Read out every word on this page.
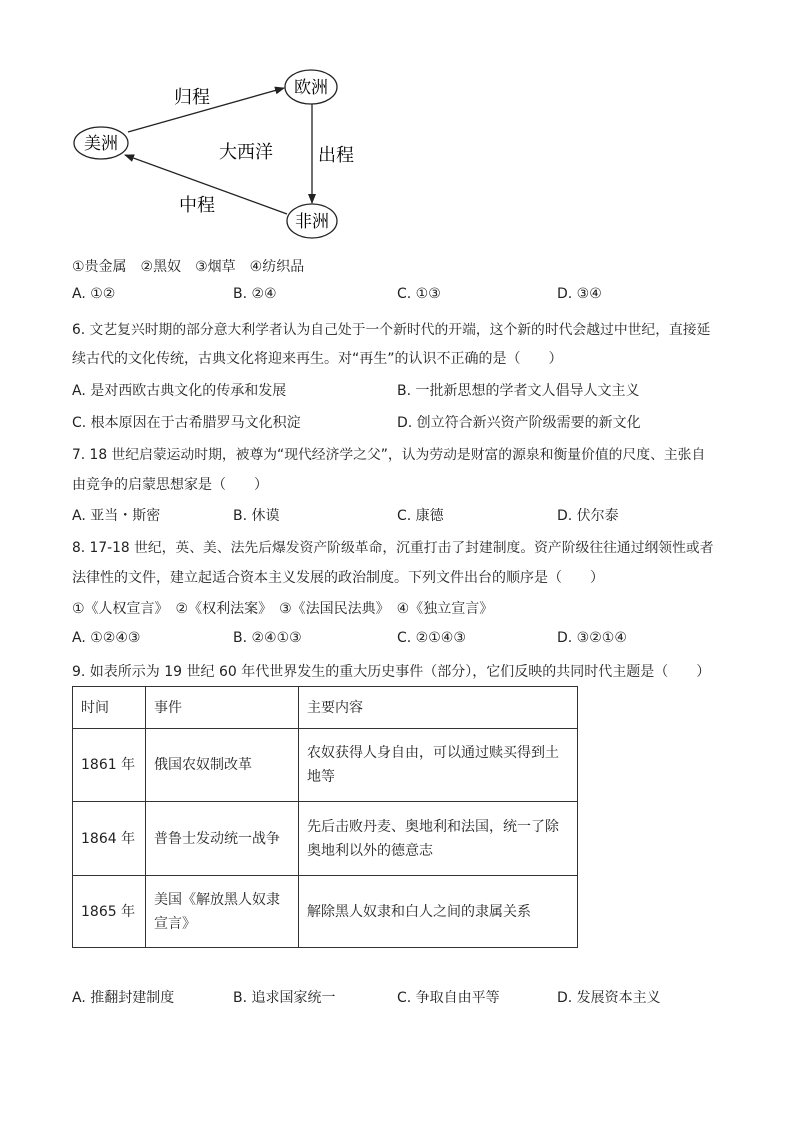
美洲
欧洲
非洲
归程
出程
中程
大西洋
①贵金属　②黑奴　③烟草　④纺织品
A. ①②	B. ②④	C. ①③	D. ③④
6. 文艺复兴时期的部分意大利学者认为自己处于一个新时代的开端，这个新的时代会越过中世纪，直接延
续古代的文化传统，古典文化将迎来再生。对“再生”的认识不正确的是（　　）
A. 是对西欧古典文化的传承和发展	B. 一批新思想的学者文人倡导人文主义
C. 根本原因在于古希腊罗马文化积淀	D. 创立符合新兴资产阶级需要的新文化
7. 18 世纪启蒙运动时期，被尊为“现代经济学之父”，认为劳动是财富的源泉和衡量价值的尺度、主张自
由竞争的启蒙思想家是（　　）
A. 亚当・斯密	B. 休谟	C. 康德	D. 伏尔泰
8. 17-18 世纪，英、美、法先后爆发资产阶级革命，沉重打击了封建制度。资产阶级往往通过纲领性或者
法律性的文件，建立起适合资本主义发展的政治制度。下列文件出台的顺序是（　　）
①《人权宣言》　②《权利法案》　③《法国民法典》　④《独立宣言》
A. ①②④③	B. ②④①③	C. ②①④③	D. ③②①④
9. 如表所示为 19 世纪 60 年代世界发生的重大历史事件（部分），它们反映的共同时代主题是（　　）
时间	事件	主要内容
1861 年	俄国农奴制改革	农奴获得人身自由，可以通过赎买得到土地等
1864 年	普鲁士发动统一战争	先后击败丹麦、奥地利和法国，统一了除奥地利以外的德意志
1865 年	美国《解放黑人奴隶宣言》	解除黑人奴隶和白人之间的隶属关系
A. 推翻封建制度	B. 追求国家统一	C. 争取自由平等	D. 发展资本主义
